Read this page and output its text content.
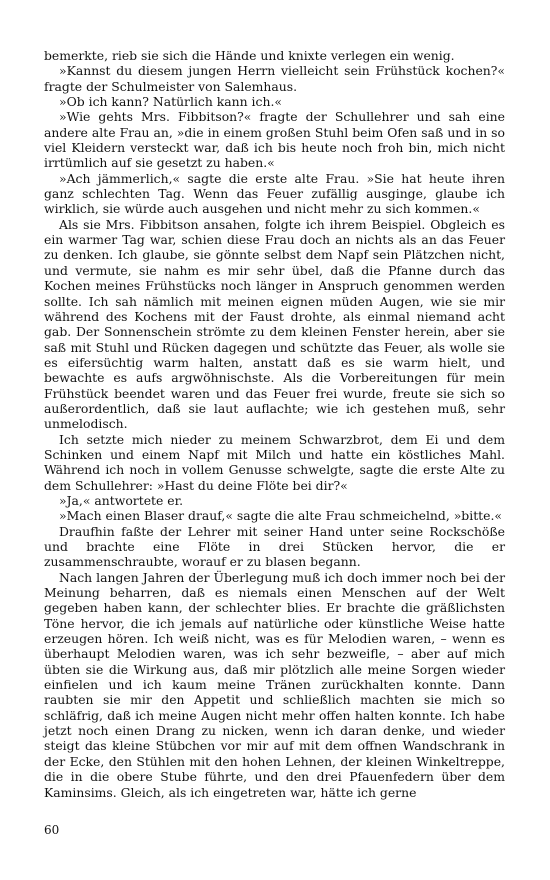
bemerkte, rieb sie sich die Hände und knixte verlegen ein wenig.

»Kannst du diesem jungen Herrn vielleicht sein Frühstück kochen?« fragte der Schulmeister von Salemhaus.

»Ob ich kann? Natürlich kann ich.«

»Wie gehts Mrs. Fibbitson?« fragte der Schullehrer und sah eine andere alte Frau an, »die in einem großen Stuhl beim Ofen saß und in so viel Kleidern versteckt war, daß ich bis heute noch froh bin, mich nicht irrtümlich auf sie gesetzt zu haben.«

»Ach jämmerlich,« sagte die erste alte Frau. »Sie hat heute ihren ganz schlechten Tag. Wenn das Feuer zufällig ausginge, glaube ich wirklich, sie würde auch ausgehen und nicht mehr zu sich kommen.«

Als sie Mrs. Fibbitson ansahen, folgte ich ihrem Beispiel. Obgleich es ein warmer Tag war, schien diese Frau doch an nichts als an das Feuer zu denken. Ich glaube, sie gönnte selbst dem Napf sein Plätzchen nicht, und vermute, sie nahm es mir sehr übel, daß die Pfanne durch das Kochen meines Frühstücks noch länger in Anspruch genommen werden sollte. Ich sah nämlich mit meinen eignen müden Augen, wie sie mir während des Kochens mit der Faust drohte, als einmal niemand acht gab. Der Sonnenschein strömte zu dem kleinen Fenster herein, aber sie saß mit Stuhl und Rücken dagegen und schützte das Feuer, als wolle sie es eifersüchtig warm halten, anstatt daß es sie warm hielt, und bewachte es aufs argwöhnischste. Als die Vorbereitungen für mein Frühstück beendet waren und das Feuer frei wurde, freute sie sich so außerordentlich, daß sie laut auflachte; wie ich gestehen muß, sehr unmelodisch.

Ich setzte mich nieder zu meinem Schwarzbrot, dem Ei und dem Schinken und einem Napf mit Milch und hatte ein köstliches Mahl. Während ich noch in vollem Genusse schwelgte, sagte die erste Alte zu dem Schullehrer: »Hast du deine Flöte bei dir?«

»Ja,« antwortete er.

»Mach einen Blaser drauf,« sagte die alte Frau schmeichelnd, »bitte.«

Draufhin faßte der Lehrer mit seiner Hand unter seine Rockschöße und brachte eine Flöte in drei Stücken hervor, die er zusammenschraubte, worauf er zu blasen begann.

Nach langen Jahren der Überlegung muß ich doch immer noch bei der Meinung beharren, daß es niemals einen Menschen auf der Welt gegeben haben kann, der schlechter blies. Er brachte die gräßlichsten Töne hervor, die ich jemals auf natürliche oder künstliche Weise hatte erzeugen hören. Ich weiß nicht, was es für Melodien waren, – wenn es überhaupt Melodien waren, was ich sehr bezweifle, – aber auf mich übten sie die Wirkung aus, daß mir plötzlich alle meine Sorgen wieder einfielen und ich kaum meine Tränen zurückhalten konnte. Dann raubten sie mir den Appetit und schließlich machten sie mich so schläfrig, daß ich meine Augen nicht mehr offen halten konnte. Ich habe jetzt noch einen Drang zu nicken, wenn ich daran denke, und wieder steigt das kleine Stübchen vor mir auf mit dem offnen Wandschrank in der Ecke, den Stühlen mit den hohen Lehnen, der kleinen Winkeltreppe, die in die obere Stube führte, und den drei Pfauenfedern über dem Kaminsims. Gleich, als ich eingetreten war, hätte ich gerne

60
